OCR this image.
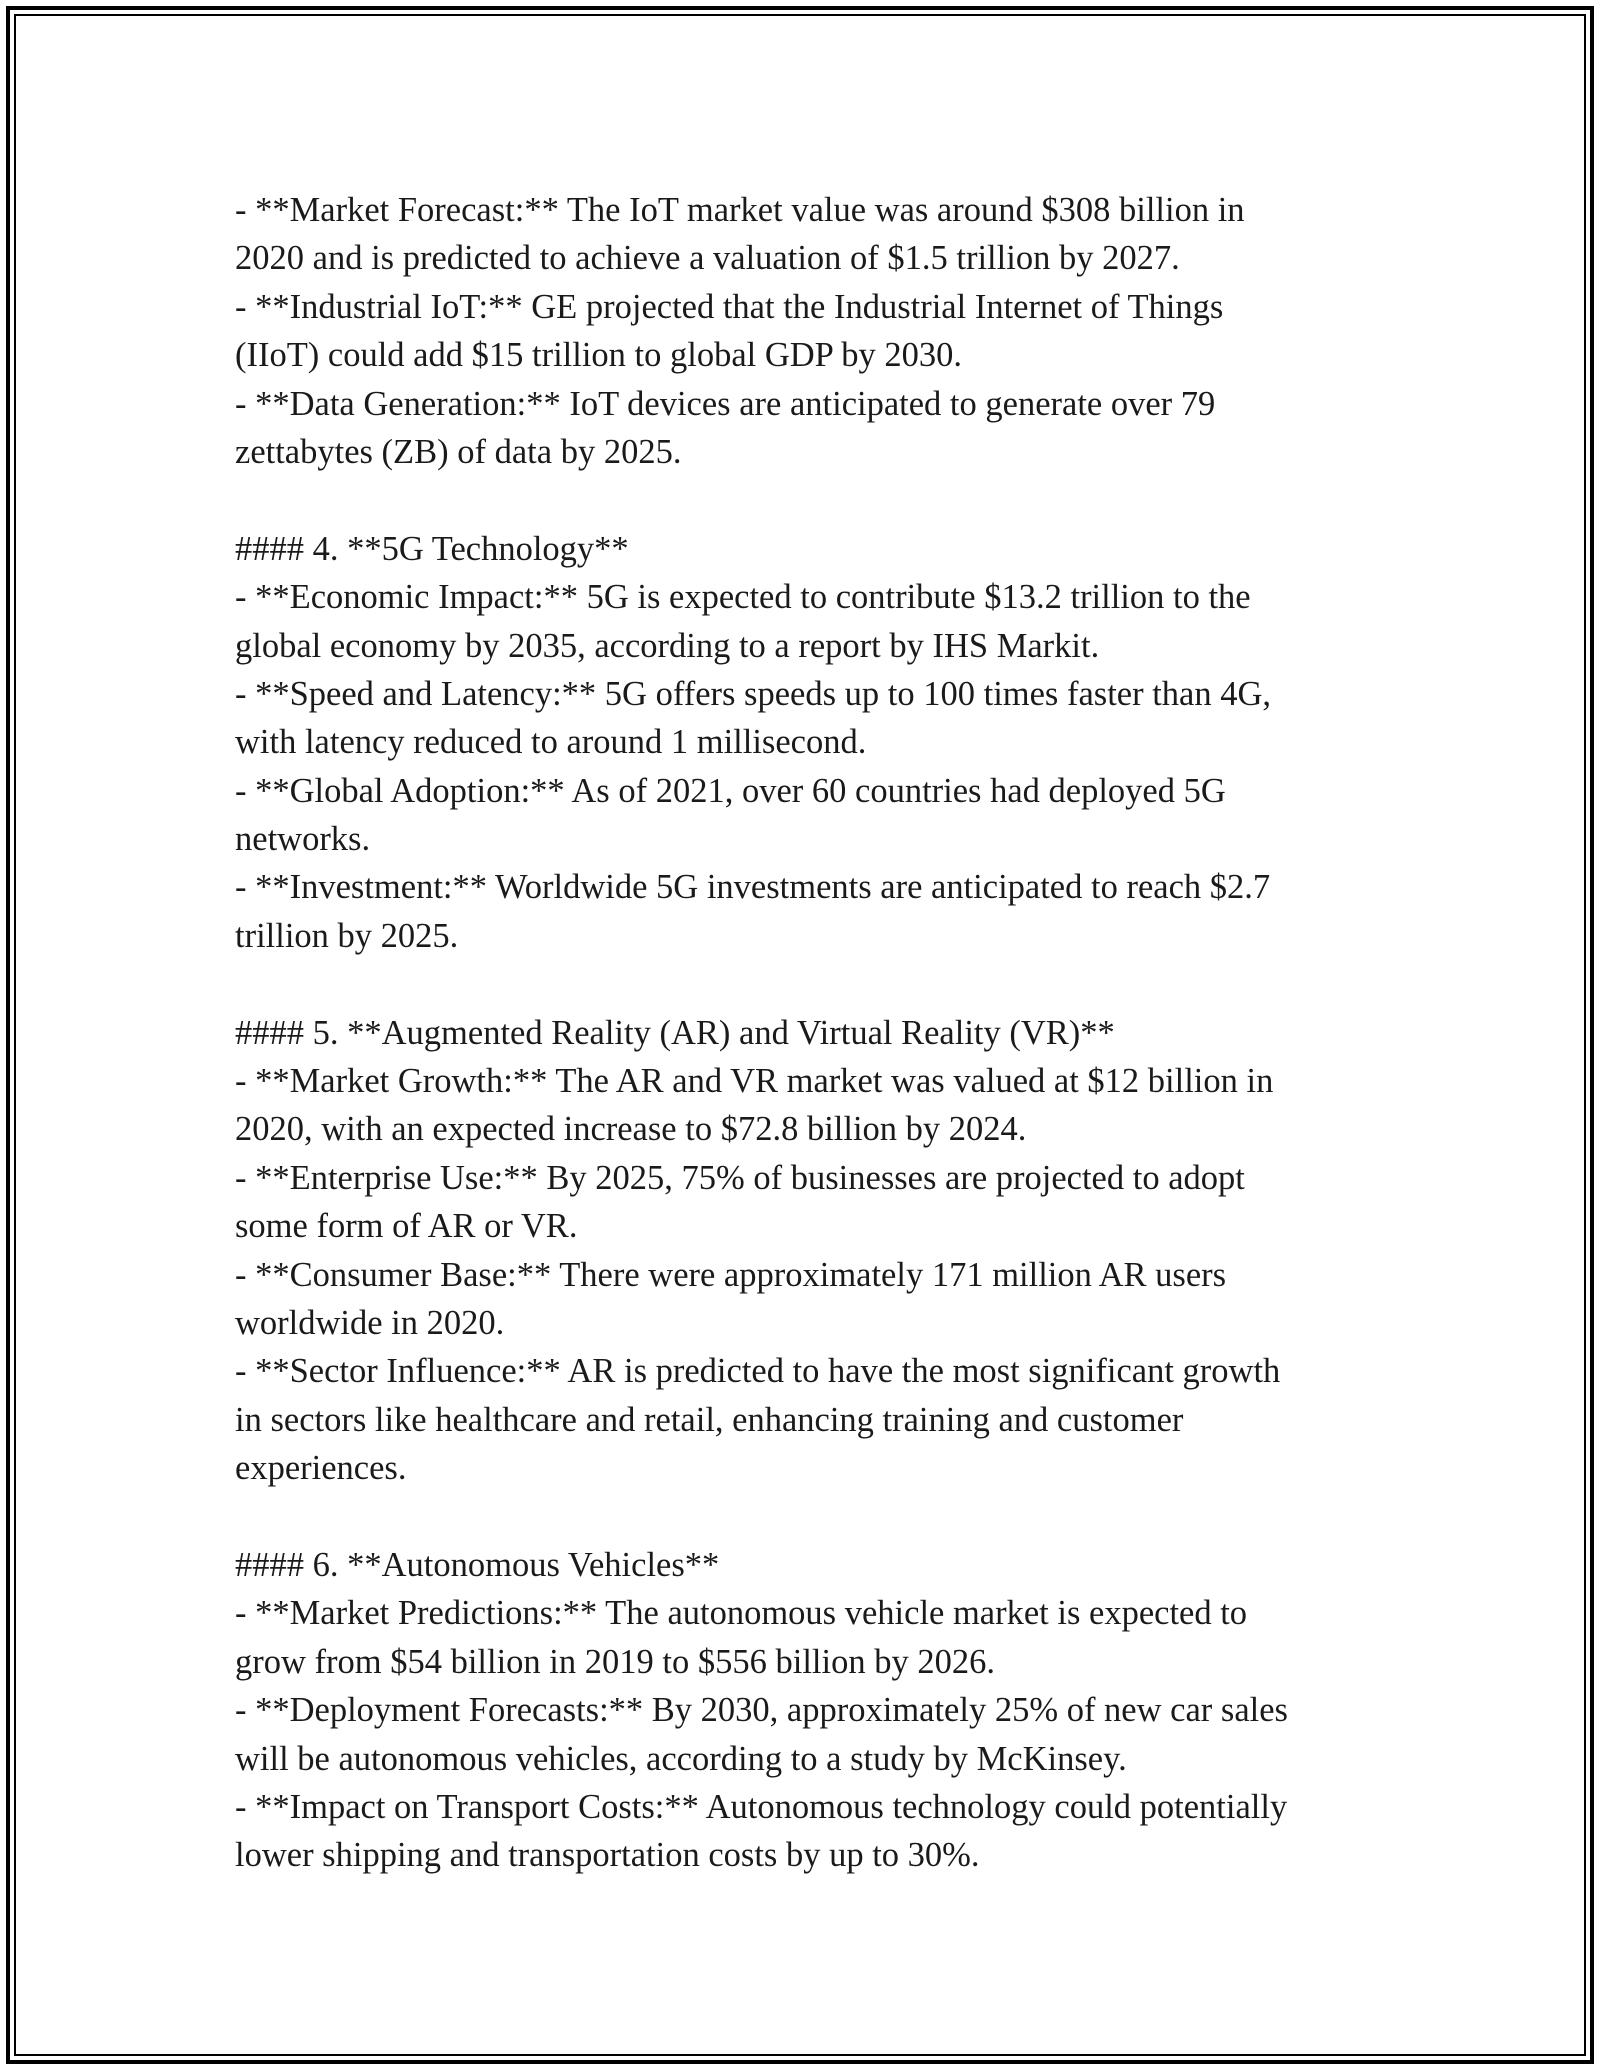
- **Market Forecast:** The IoT market value was around $308 billion in
2020 and is predicted to achieve a valuation of $1.5 trillion by 2027.
- **Industrial IoT:** GE projected that the Industrial Internet of Things
(IIoT) could add $15 trillion to global GDP by 2030.
- **Data Generation:** IoT devices are anticipated to generate over 79
zettabytes (ZB) of data by 2025.
#### 4. **5G Technology**
- **Economic Impact:** 5G is expected to contribute $13.2 trillion to the
global economy by 2035, according to a report by IHS Markit.
- **Speed and Latency:** 5G offers speeds up to 100 times faster than 4G,
with latency reduced to around 1 millisecond.
- **Global Adoption:** As of 2021, over 60 countries had deployed 5G
networks.
- **Investment:** Worldwide 5G investments are anticipated to reach $2.7
trillion by 2025.
#### 5. **Augmented Reality (AR) and Virtual Reality (VR)**
- **Market Growth:** The AR and VR market was valued at $12 billion in
2020, with an expected increase to $72.8 billion by 2024.
- **Enterprise Use:** By 2025, 75% of businesses are projected to adopt
some form of AR or VR.
- **Consumer Base:** There were approximately 171 million AR users
worldwide in 2020.
- **Sector Influence:** AR is predicted to have the most significant growth
in sectors like healthcare and retail, enhancing training and customer
experiences.
#### 6. **Autonomous Vehicles**
- **Market Predictions:** The autonomous vehicle market is expected to
grow from $54 billion in 2019 to $556 billion by 2026.
- **Deployment Forecasts:** By 2030, approximately 25% of new car sales
will be autonomous vehicles, according to a study by McKinsey.
- **Impact on Transport Costs:** Autonomous technology could potentially
lower shipping and transportation costs by up to 30%.
